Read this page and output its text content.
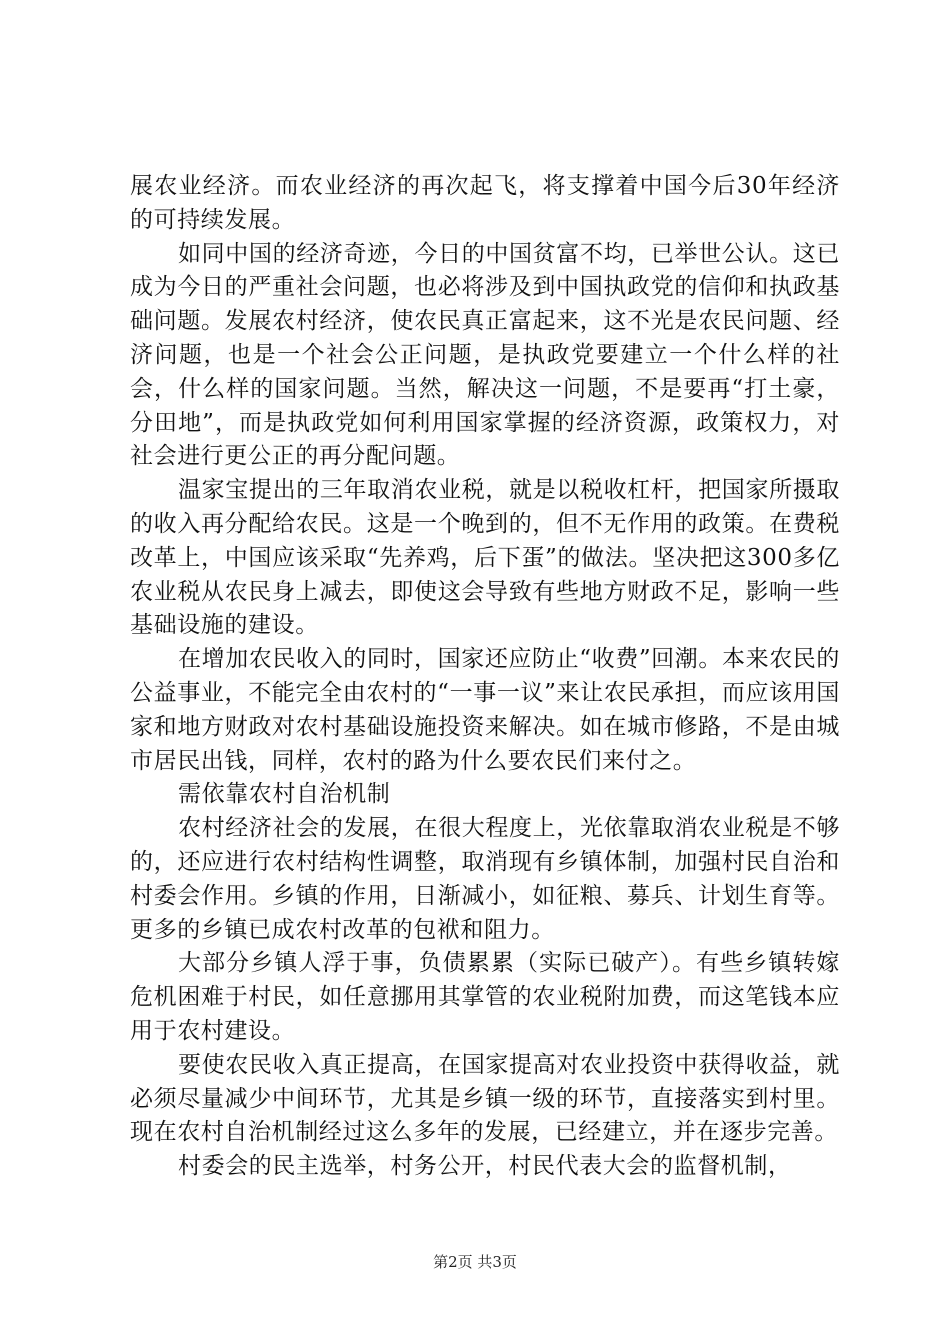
展农业经济。而农业经济的再次起飞，将支撑着中国今后30年经济的可持续发展。

如同中国的经济奇迹，今日的中国贫富不均，已举世公认。这已成为今日的严重社会问题，也必将涉及到中国执政党的信仰和执政基础问题。发展农村经济，使农民真正富起来，这不光是农民问题、经济问题，也是一个社会公正问题，是执政党要建立一个什么样的社会，什么样的国家问题。当然，解决这一问题，不是要再“打土豪，分田地”，而是执政党如何利用国家掌握的经济资源，政策权力，对社会进行更公正的再分配问题。

温家宝提出的三年取消农业税，就是以税收杠杆，把国家所摄取的收入再分配给农民。这是一个晚到的，但不无作用的政策。在费税改革上，中国应该采取“先养鸡，后下蛋”的做法。坚决把这300多亿农业税从农民身上减去，即使这会导致有些地方财政不足，影响一些基础设施的建设。

在增加农民收入的同时，国家还应防止“收费”回潮。本来农民的公益事业，不能完全由农村的“一事一议”来让农民承担，而应该用国家和地方财政对农村基础设施投资来解决。如在城市修路，不是由城市居民出钱，同样，农村的路为什么要农民们来付之。

需依靠农村自治机制

农村经济社会的发展，在很大程度上，光依靠取消农业税是不够的，还应进行农村结构性调整，取消现有乡镇体制，加强村民自治和村委会作用。乡镇的作用，日渐减小，如征粮、募兵、计划生育等。更多的乡镇已成农村改革的包袱和阻力。

大部分乡镇人浮于事，负债累累（实际已破产）。有些乡镇转嫁危机困难于村民，如任意挪用其掌管的农业税附加费，而这笔钱本应用于农村建设。

要使农民收入真正提高，在国家提高对农业投资中获得收益，就必须尽量减少中间环节，尤其是乡镇一级的环节，直接落实到村里。现在农村自治机制经过这么多年的发展，已经建立，并在逐步完善。

村委会的民主选举，村务公开，村民代表大会的监督机制，

第2页 共3页
